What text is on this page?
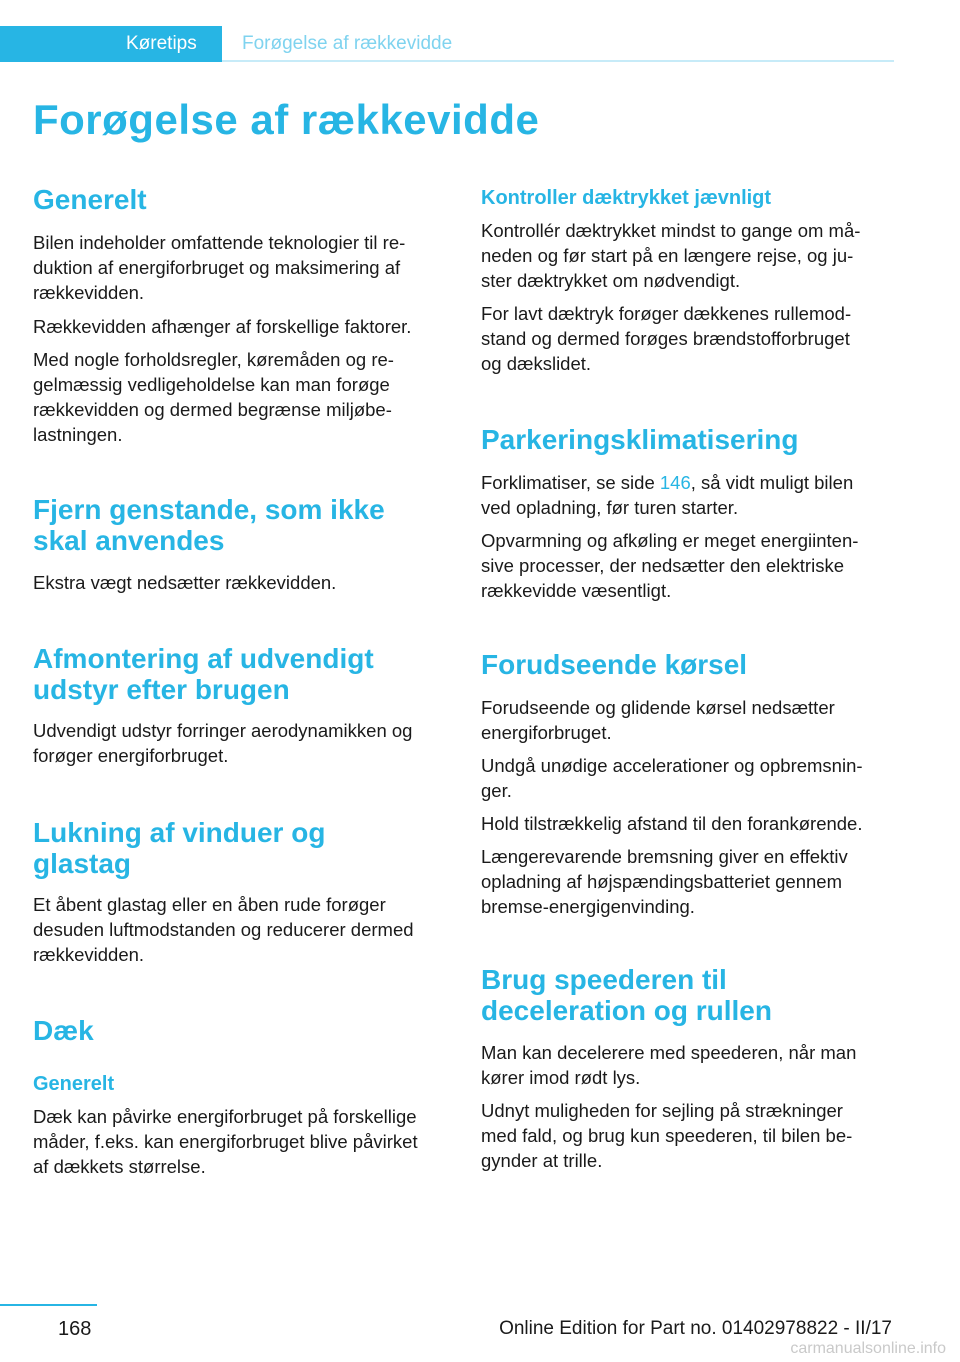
Køretips	Forøgelse af rækkevidde
Forøgelse af rækkevidde
Generelt

Bilen indeholder omfattende teknologier til re‐

duktion af energiforbruget og maksimering af

rækkevidden.

Rækkevidden afhænger af forskellige faktorer.

Med nogle forholdsregler, køremåden og re‐

gelmæssig vedligeholdelse kan man forøge

rækkevidden og dermed begrænse miljøbe‐

lastningen.

Fjern genstande, som ikke
skal anvendes

Ekstra vægt nedsætter rækkevidden.

Afmontering af udvendigt
udstyr efter brugen

Udvendigt udstyr forringer aerodynamikken og

forøger energiforbruget.

Lukning af vinduer og
glastag

Et åbent glastag eller en åben rude forøger

desuden luftmodstanden og reducerer dermed

rækkevidden.

Dæk
Generelt

Dæk kan påvirke energiforbruget på forskellige

måder, f.eks. kan energiforbruget blive påvirket

af dækkets størrelse.

Kontroller dæktrykket jævnligt

Kontrollér dæktrykket mindst to gange om må‐

neden og før start på en længere rejse, og ju‐

ster dæktrykket om nødvendigt.

For lavt dæktryk forøger dækkenes rullemod‐

stand og dermed forøges brændstofforbruget

og dækslidet.

Parkeringsklimatisering

Forklimatiser, se side 146, så vidt muligt bilen

ved opladning, før turen starter.

Opvarmning og afkøling er meget energiinten‐

sive processer, der nedsætter den elektriske

rækkevidde væsentligt.

Forudseende kørsel

Forudseende og glidende kørsel nedsætter

energiforbruget.

Undgå unødige accelerationer og opbremsnin‐

ger.

Hold tilstrækkelig afstand til den forankørende.

Længerevarende bremsning giver en effektiv

opladning af højspændingsbatteriet gennem

bremse-energigenvinding.

Brug speederen til
deceleration og rullen

Man kan decelerere med speederen, når man

kører imod rødt lys.

Udnyt muligheden for sejling på strækninger

med fald, og brug kun speederen, til bilen be‐

gynder at trille.

168	Online Edition for Part no. 01402978822 - II/17
carmanualsonline.info
